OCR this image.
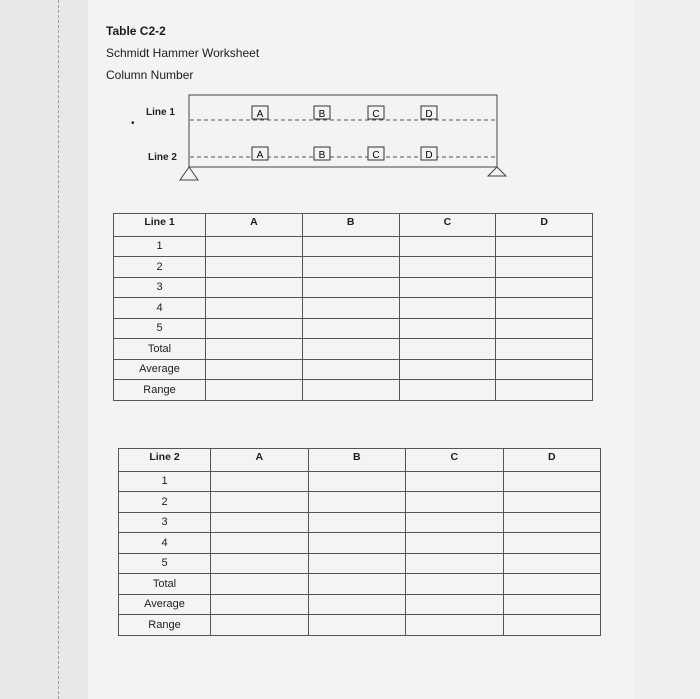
Table C2-2
Schmidt Hammer Worksheet
Column Number
•
Line 1
Line 2
A	B	C	D
A	B	C	D
Line 1	A	B	C	D
1				
2				
3				
4				
5				
Total				
Average				
Range				
Line 2	A	B	C	D
1				
2				
3				
4				
5				
Total				
Average				
Range				
